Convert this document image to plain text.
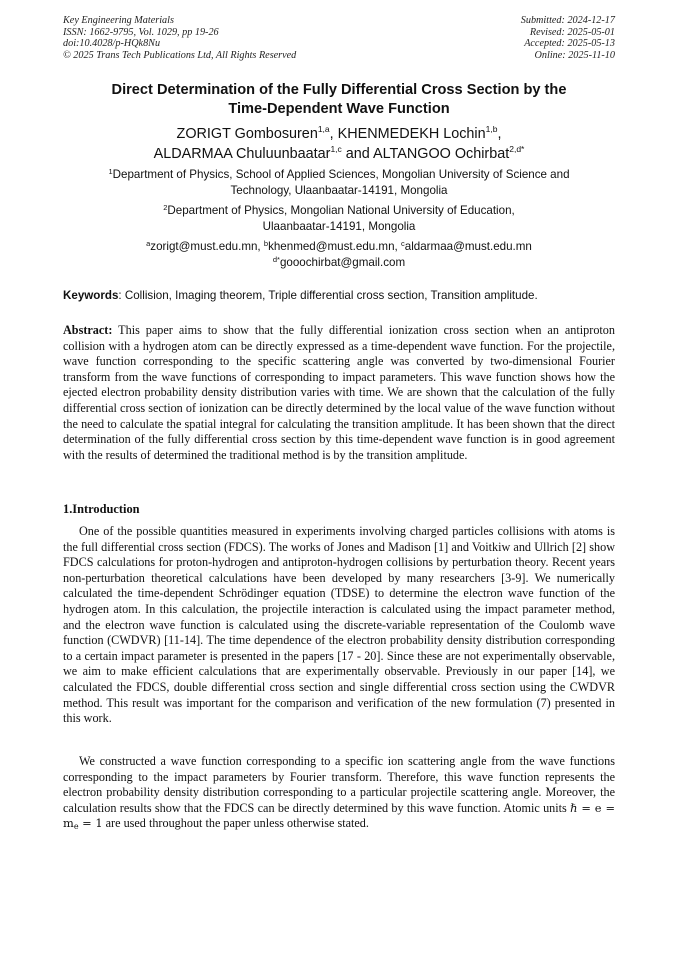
Key Engineering Materials
ISSN: 1662-9795, Vol. 1029, pp 19-26
doi:10.4028/p-HQk8Nu
© 2025 Trans Tech Publications Ltd, All Rights Reserved
Submitted: 2024-12-17
Revised: 2025-05-01
Accepted: 2025-05-13
Online: 2025-11-10
Direct Determination of the Fully Differential Cross Section by the
Time-Dependent Wave Function
ZORIGT Gombosuren$^{1,a}$, KHENMEDEKH Lochin$^{1,b}$,
ALDARMAA Chuluunbaatar$^{1,c}$ and ALTANGOO Ochirbat$^{2,d*}$
$^1$Department of Physics, School of Applied Sciences, Mongolian University of Science and
Technology, Ulaanbaatar-14191, Mongolia
$^2$Department of Physics, Mongolian National University of Education,
Ulaanbaatar-14191, Mongolia
$^a$zorigt@must.edu.mn, $^b$khenmed@must.edu.mn, $^c$aldarmaa@must.edu.mn
$^{d*}$gooochirbat@gmail.com
Keywords: Collision, Imaging theorem, Triple differential cross section, Transition amplitude.
Abstract: This paper aims to show that the fully differential ionization cross section when an antiproton collision with a hydrogen atom can be directly expressed as a time-dependent wave function. For the projectile, wave function corresponding to the specific scattering angle was converted by two-dimensional Fourier transform from the wave functions of corresponding to impact parameters. This wave function shows how the ejected electron probability density distribution varies with time. We are shown that the calculation of the fully differential cross section of ionization can be directly determined by the local value of the wave function without the need to calculate the spatial integral for calculating the transition amplitude. It has been shown that the direct determination of the fully differential cross section by this time-dependent wave function is in good agreement with the results of determined the traditional method is by the transition amplitude.
1.Introduction
One of the possible quantities measured in experiments involving charged particles collisions with atoms is the full differential cross section (FDCS). The works of Jones and Madison [1] and Voitkiw and Ullrich [2] show FDCS calculations for proton-hydrogen and antiproton-hydrogen collisions by perturbation theory. Recent years non-perturbation theoretical calculations have been developed by many researchers [3-9]. We numerically calculated the time-dependent Schrödinger equation (TDSE) to determine the electron wave function of the hydrogen atom. In this calculation, the projectile interaction is calculated using the impact parameter method, and the electron wave function is calculated using the discrete-variable representation of the Coulomb wave function (CWDVR) [11-14]. The time dependence of the electron probability density distribution corresponding to a certain impact parameter is presented in the papers [17 - 20]. Since these are not experimentally observable, we aim to make efficient calculations that are experimentally observable. Previously in our paper [14], we calculated the FDCS, double differential cross section and single differential cross section using the CWDVR method. This result was important for the comparison and verification of the new formulation (7) presented in this work.
We constructed a wave function corresponding to a specific ion scattering angle from the wave functions corresponding to the impact parameters by Fourier transform. Therefore, this wave function represents the electron probability density distribution corresponding to a particular projectile scattering angle. Moreover, the calculation results show that the FDCS can be directly determined by this wave function. Atomic units ℏ = $e = m_e = 1$ are used throughout the paper unless otherwise stated.
